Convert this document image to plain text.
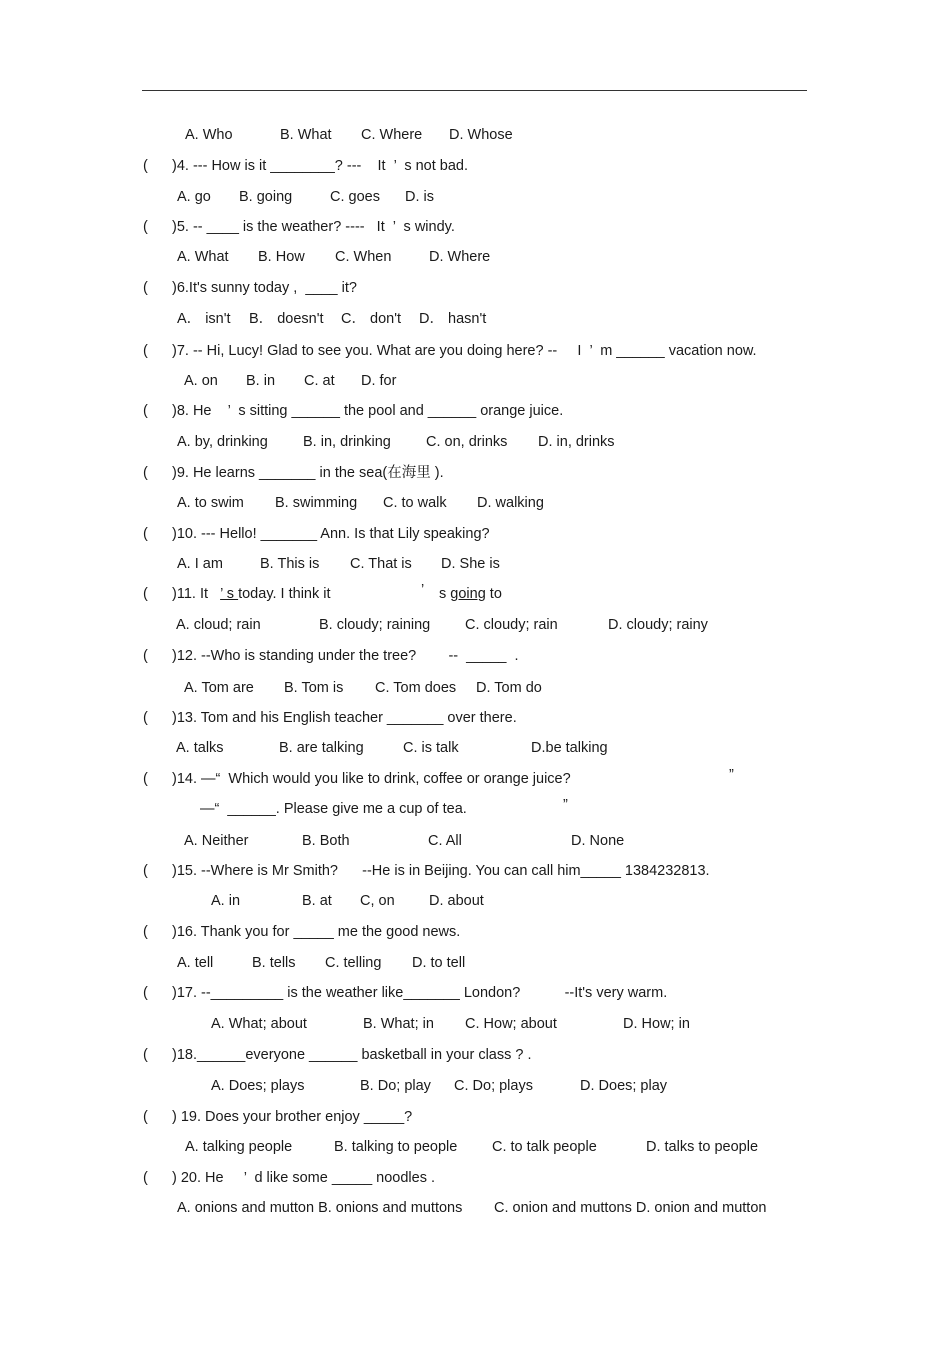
A. Who	B. What C. Where D. Whose
( )4. --- How is it ________? ---    It  ’  s not bad.
A. go B. going	C. goes D. is
( )5. -- ____ is the weather? ----   It  ’  s windy.
A. What B. How C. When	D. Where
( )6.It's sunny today ,  ____ it?
A． isn't B． doesn't C． don't D． hasn't
( )7. -- Hi, Lucy! Glad to see you. What are you doing here? --     I  ’  m ______ vacation now.
A. on B. in C. at D. for
( )8. He    ’  s sitting ______ the pool and ______ orange juice.
A. by, drinking B. in, drinking C. on, drinks D. in, drinks
( )9. He learns _______ in the sea(在海里 ).
A. to swim B. swimming C. to walk D. walking
( )10. --- Hello! _______ Ann. Is that Lily speaking?
A. I am	B. This is C. That is D. She is
( )11. It   ’ s today. I think it	’ s going to
A. cloud; rain	B. cloudy; raining C. cloudy; rain	D. cloudy; rainy
( )12. --Who is standing under the tree?        --  _____  .
A. Tom are B. Tom is C. Tom does D. Tom do
( )13. Tom and his English teacher _______ over there.
A. talks	B. are talking	C. is talk	D.be talking
( )14. —“  Which would you like to drink, coffee or orange juice?	”
—“  ______. Please give me a cup of tea.	”
A. Neither	B. Both	C. All	D. None
( )15. --Where is Mr Smith?      --He is in Beijing. You can call him_____ 1384232813.
A. in	B. at C, on D. about
( )16. Thank you for _____ me the good news.
A. tell	B. tells C. telling D. to tell
( )17. --_________ is the weather like_______ London?           --It's very warm.
A. What; about	B. What; in C. How; about	D. How; in
( )18.______everyone ______ basketball in your class ? .
A. Does; plays	B. Do; play C. Do; plays	D. Does; play
( ) 19. Does your brother enjoy _____?
A. talking people	B. talking to people C. to talk people	D. talks to people
( ) 20. He     ’  d like some _____ noodles .
A. onions and mutton B. onions and muttons C. onion and muttons D. onion and mutton
